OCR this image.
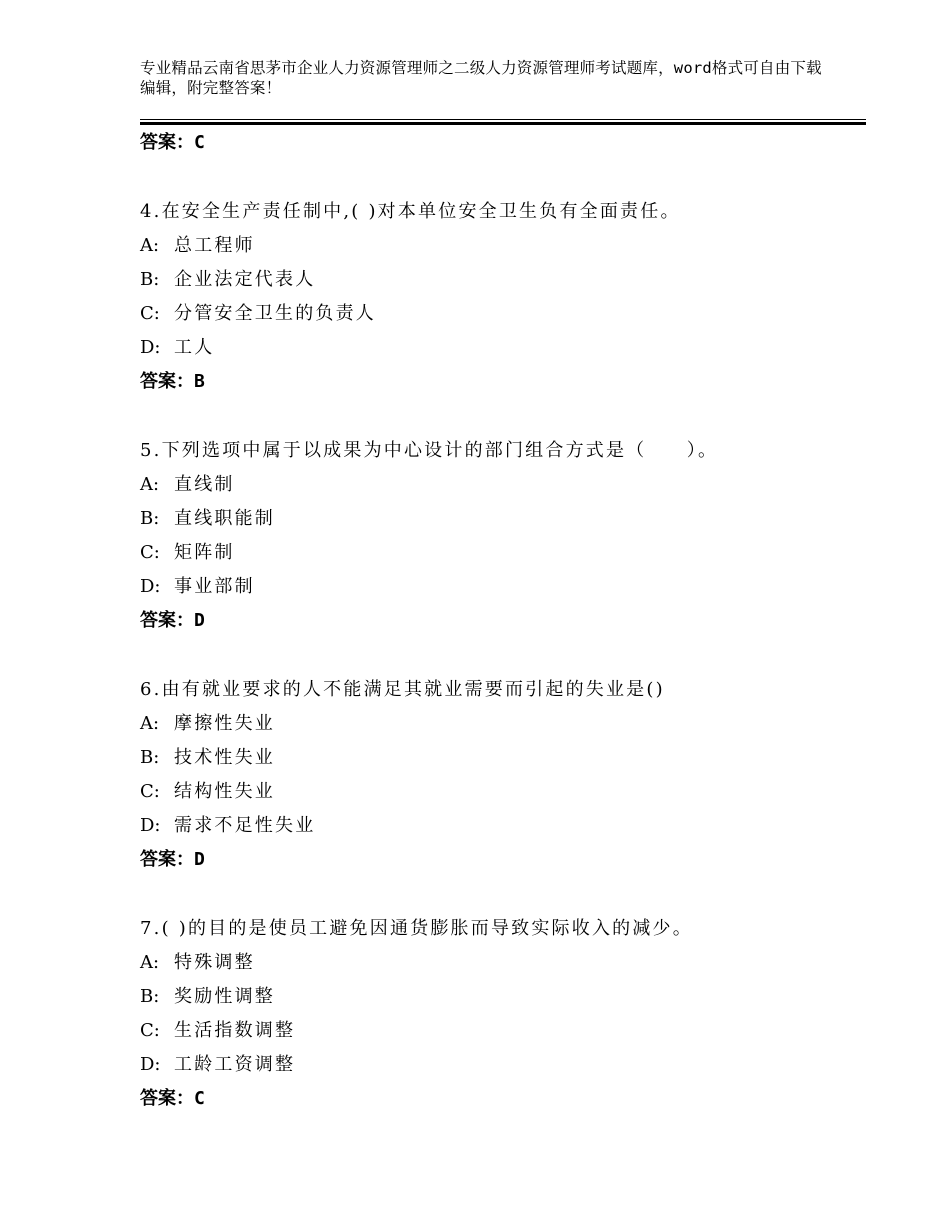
专业精品云南省思茅市企业人力资源管理师之二级人力资源管理师考试题库，word格式可自由下载编辑，附完整答案！
答案：C
4.在安全生产责任制中,( )对本单位安全卫生负有全面责任。
A: 总工程师
B: 企业法定代表人
C: 分管安全卫生的负责人
D: 工人
答案：B
5.下列选项中属于以成果为中心设计的部门组合方式是（　　）。
A: 直线制
B: 直线职能制
C: 矩阵制
D: 事业部制
答案：D
6.由有就业要求的人不能满足其就业需要而引起的失业是()
A: 摩擦性失业
B: 技术性失业
C: 结构性失业
D: 需求不足性失业
答案：D
7.( )的目的是使员工避免因通货膨胀而导致实际收入的减少。
A: 特殊调整
B: 奖励性调整
C: 生活指数调整
D: 工龄工资调整
答案：C
